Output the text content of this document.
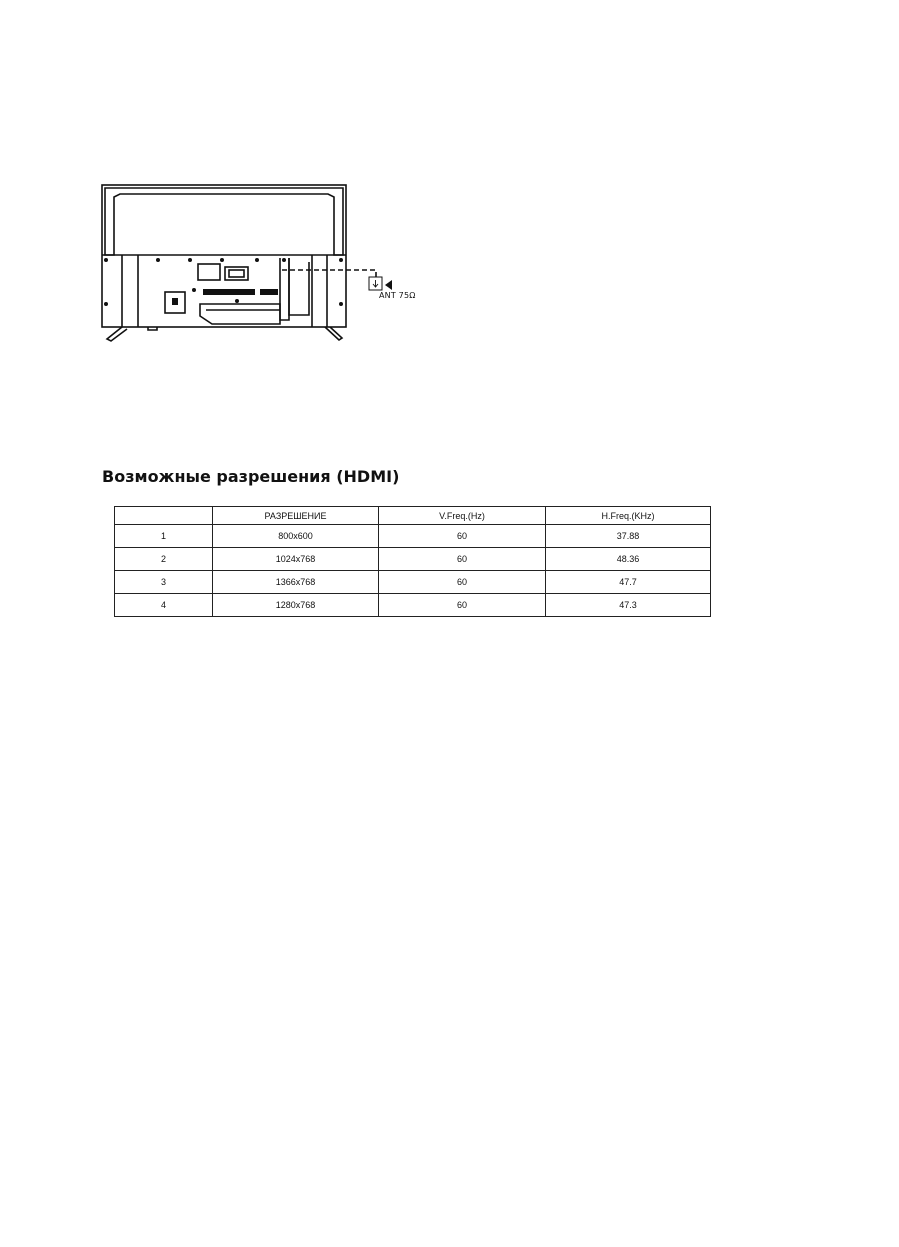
ANT 75Ω
Возможные разрешения (HDMI)
	РАЗРЕШЕНИЕ	V.Freq.(Hz)	H.Freq.(KHz)
1	800x600	60	37.88
2	1024x768	60	48.36
3	1366x768	60	47.7
4	1280x768	60	47.3
